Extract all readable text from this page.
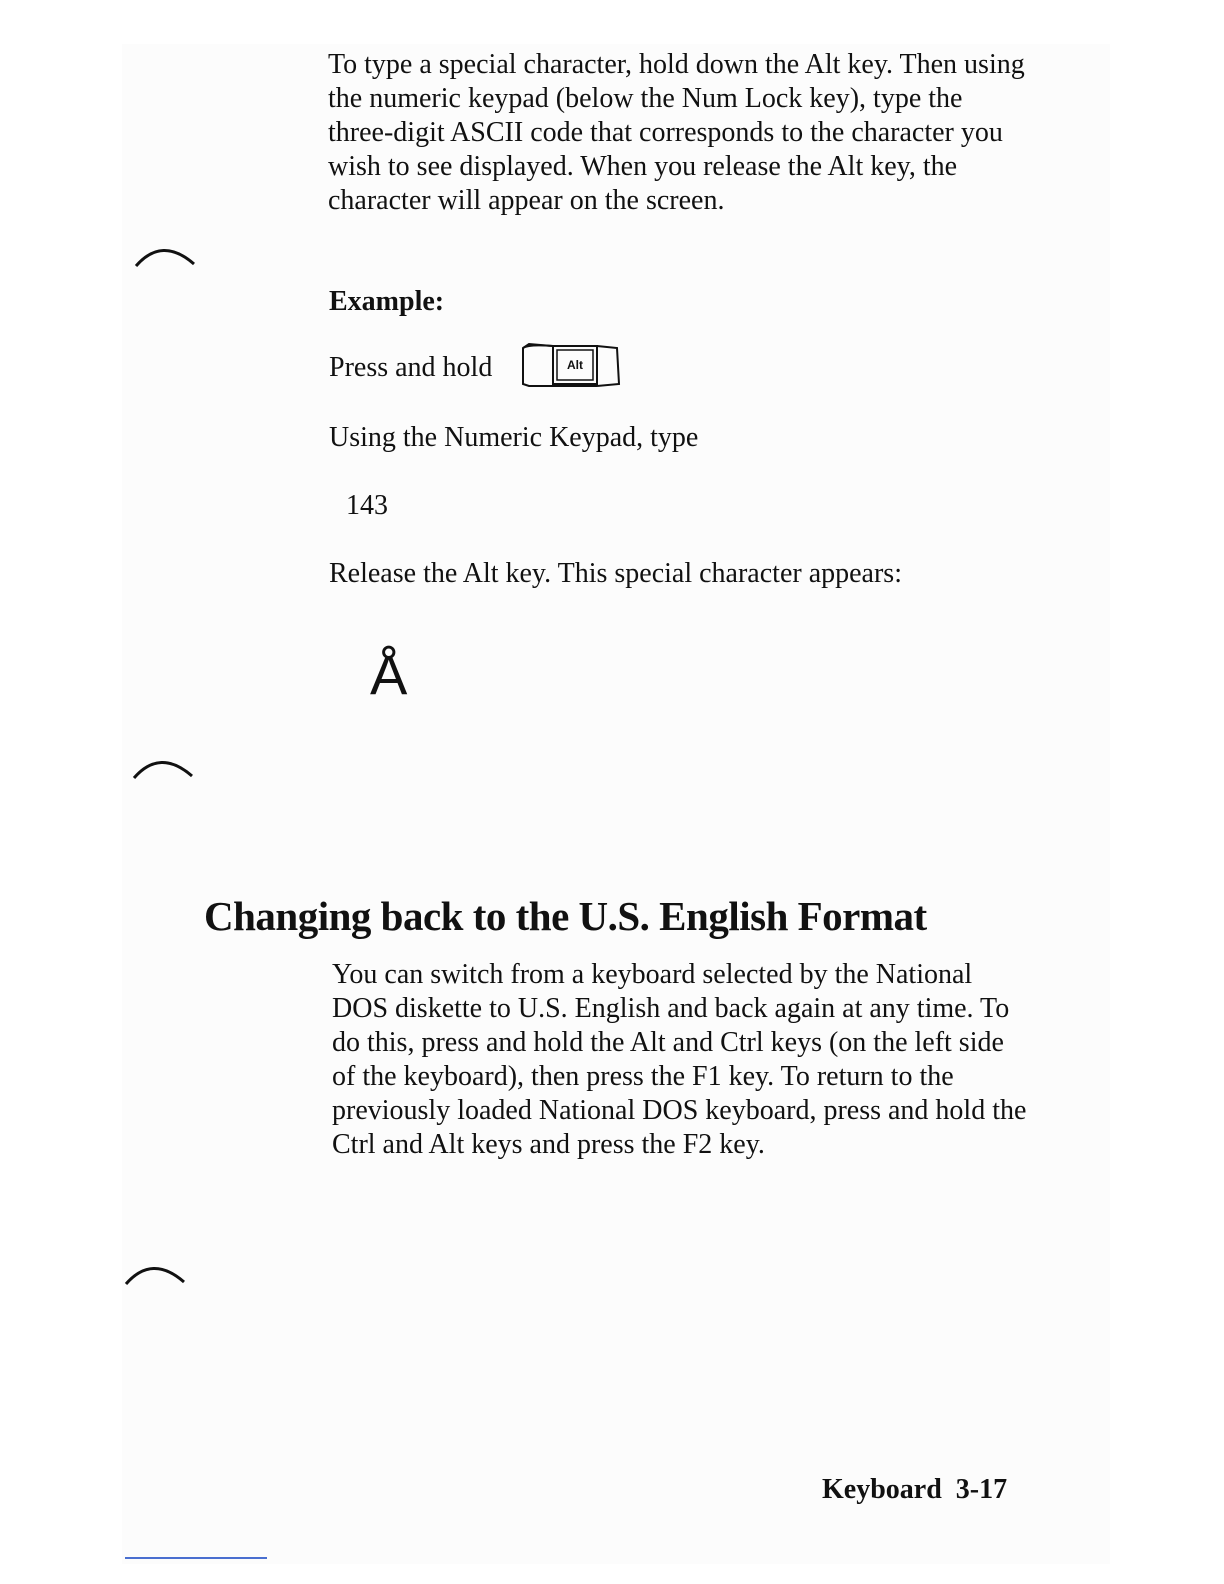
To type a special character, hold down the Alt key. Then using the numeric keypad (below the Num Lock key), type the three-digit ASCII code that corresponds to the character you wish to see displayed. When you release the Alt key, the character will appear on the screen.

Example:

Press and hold	Alt

Using the Numeric Keypad, type

143

Release the Alt key. This special character appears:

Å

Changing back to the U.S. English Format

You can switch from a keyboard selected by the National DOS diskette to U.S. English and back again at any time. To do this, press and hold the Alt and Ctrl keys (on the left side of the keyboard), then press the F1 key. To return to the previously loaded National DOS keyboard, press and hold the Ctrl and Alt keys and press the F2 key.

Keyboard  3-17
